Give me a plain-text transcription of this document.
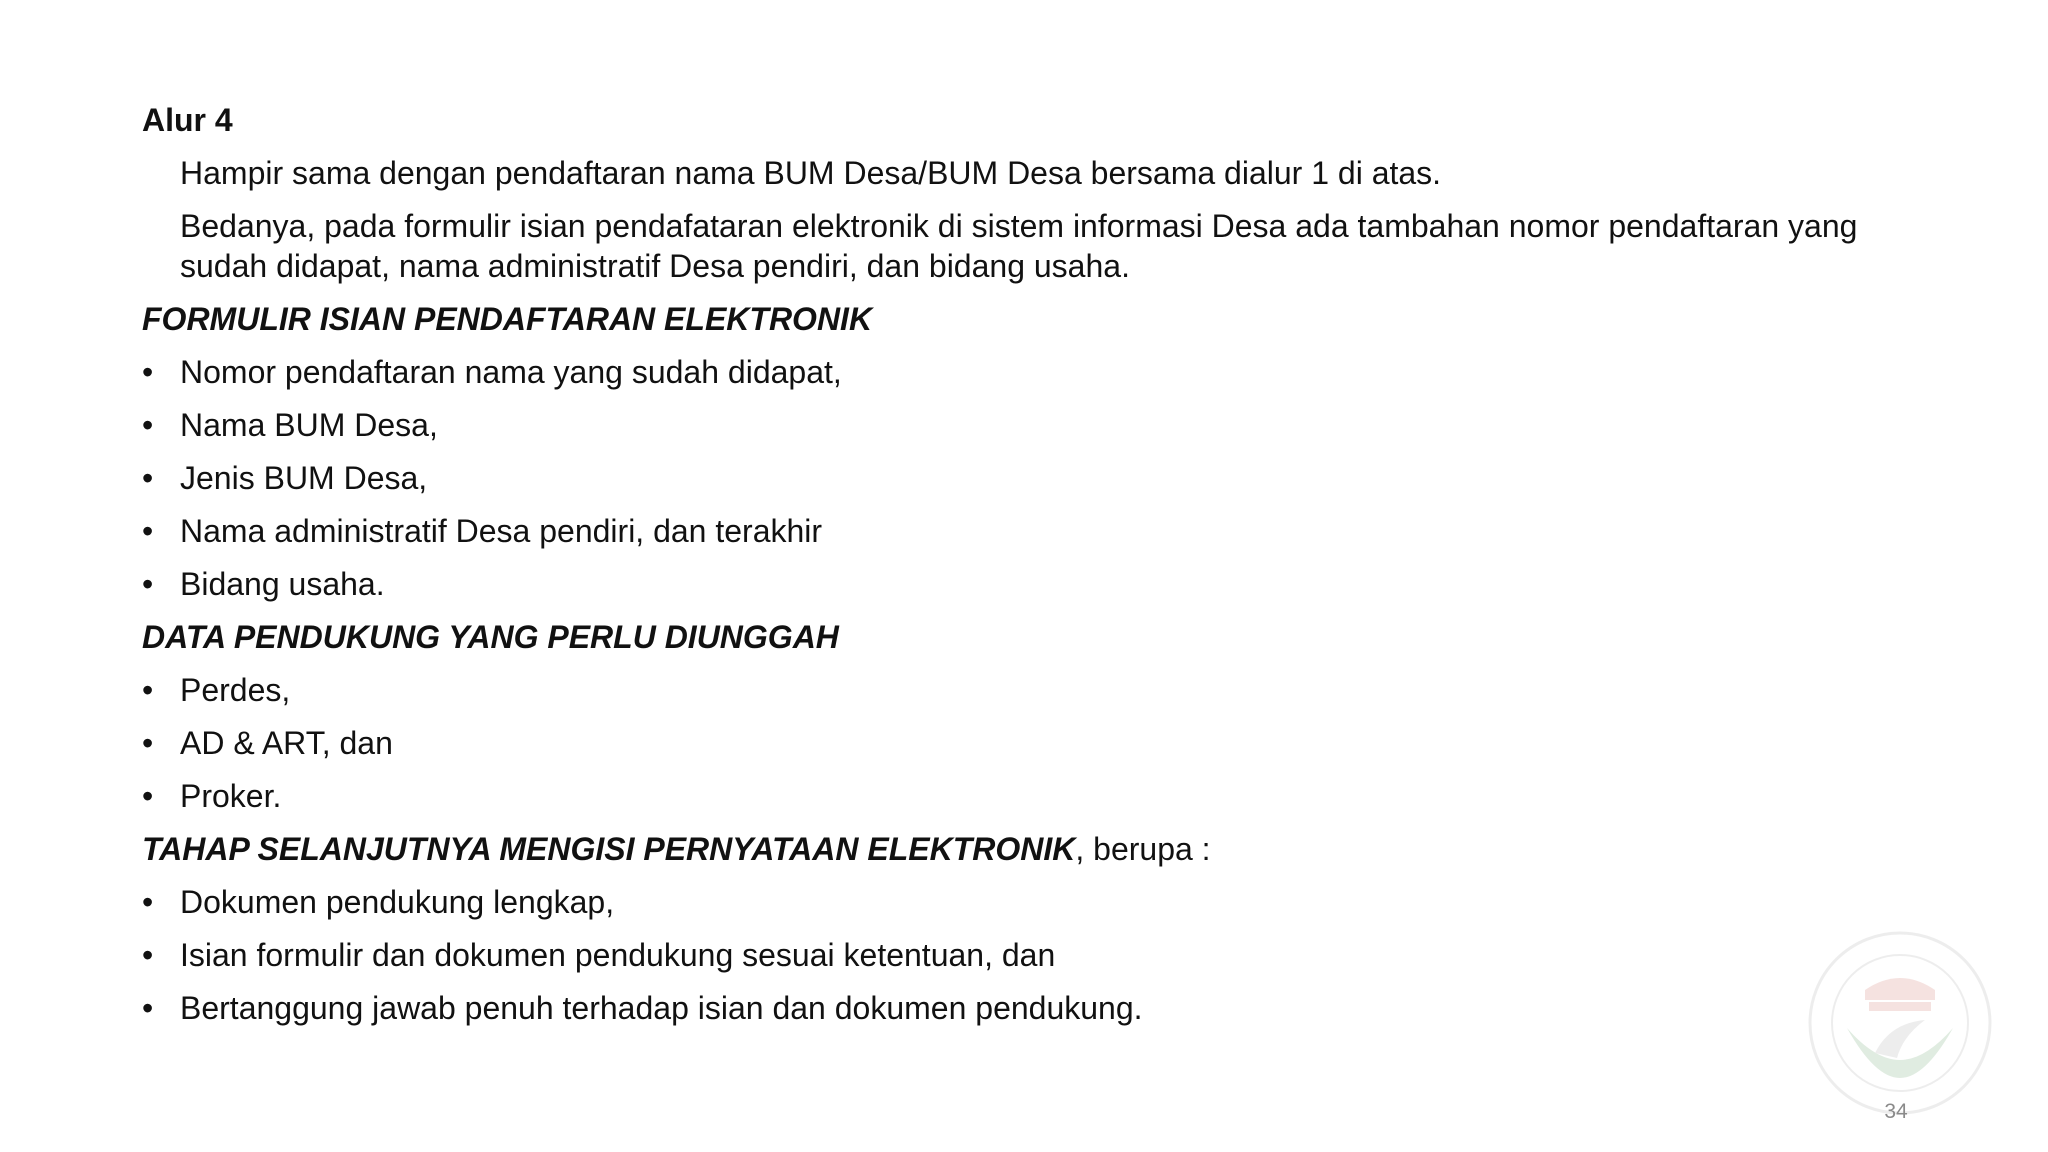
Alur 4
Hampir sama dengan pendaftaran nama BUM Desa/BUM Desa bersama dialur 1 di atas.
Bedanya, pada formulir isian pendafataran elektronik di sistem informasi Desa ada tambahan nomor pendaftaran yang sudah didapat, nama administratif Desa pendiri, dan bidang usaha.
FORMULIR ISIAN PENDAFTARAN ELEKTRONIK
• Nomor pendaftaran nama yang sudah didapat,
• Nama BUM Desa,
• Jenis BUM Desa,
• Nama administratif Desa pendiri, dan terakhir
• Bidang usaha.
DATA PENDUKUNG YANG PERLU DIUNGGAH
• Perdes,
• AD & ART, dan
• Proker.
TAHAP SELANJUTNYA MENGISI PERNYATAAN ELEKTRONIK, berupa :
• Dokumen pendukung lengkap,
• Isian formulir dan dokumen pendukung sesuai ketentuan, dan
• Bertanggung jawab penuh terhadap isian dan dokumen pendukung.
34
